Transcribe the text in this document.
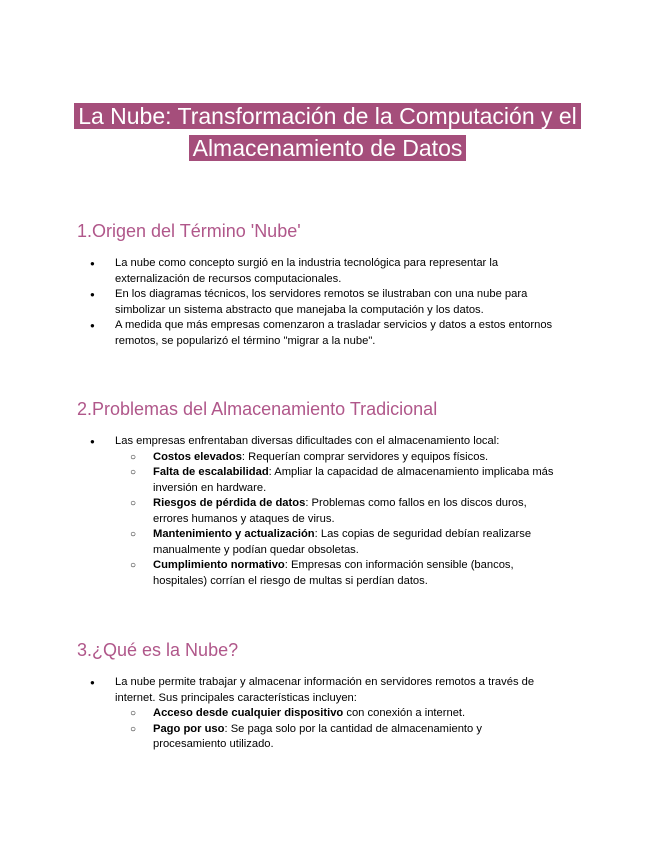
La Nube: Transformación de la Computación y el Almacenamiento de Datos
1.Origen del Término 'Nube'
● La nube como concepto surgió en la industria tecnológica para representar la externalización de recursos computacionales.
● En los diagramas técnicos, los servidores remotos se ilustraban con una nube para simbolizar un sistema abstracto que manejaba la computación y los datos.
● A medida que más empresas comenzaron a trasladar servicios y datos a estos entornos remotos, se popularizó el término "migrar a la nube".
2.Problemas del Almacenamiento Tradicional
● Las empresas enfrentaban diversas dificultades con el almacenamiento local:
○ Costos elevados: Requerían comprar servidores y equipos físicos.
○ Falta de escalabilidad: Ampliar la capacidad de almacenamiento implicaba más inversión en hardware.
○ Riesgos de pérdida de datos: Problemas como fallos en los discos duros, errores humanos y ataques de virus.
○ Mantenimiento y actualización: Las copias de seguridad debían realizarse manualmente y podían quedar obsoletas.
○ Cumplimiento normativo: Empresas con información sensible (bancos, hospitales) corrían el riesgo de multas si perdían datos.
3.¿Qué es la Nube?
● La nube permite trabajar y almacenar información en servidores remotos a través de internet. Sus principales características incluyen:
○ Acceso desde cualquier dispositivo con conexión a internet.
○ Pago por uso: Se paga solo por la cantidad de almacenamiento y procesamiento utilizado.
